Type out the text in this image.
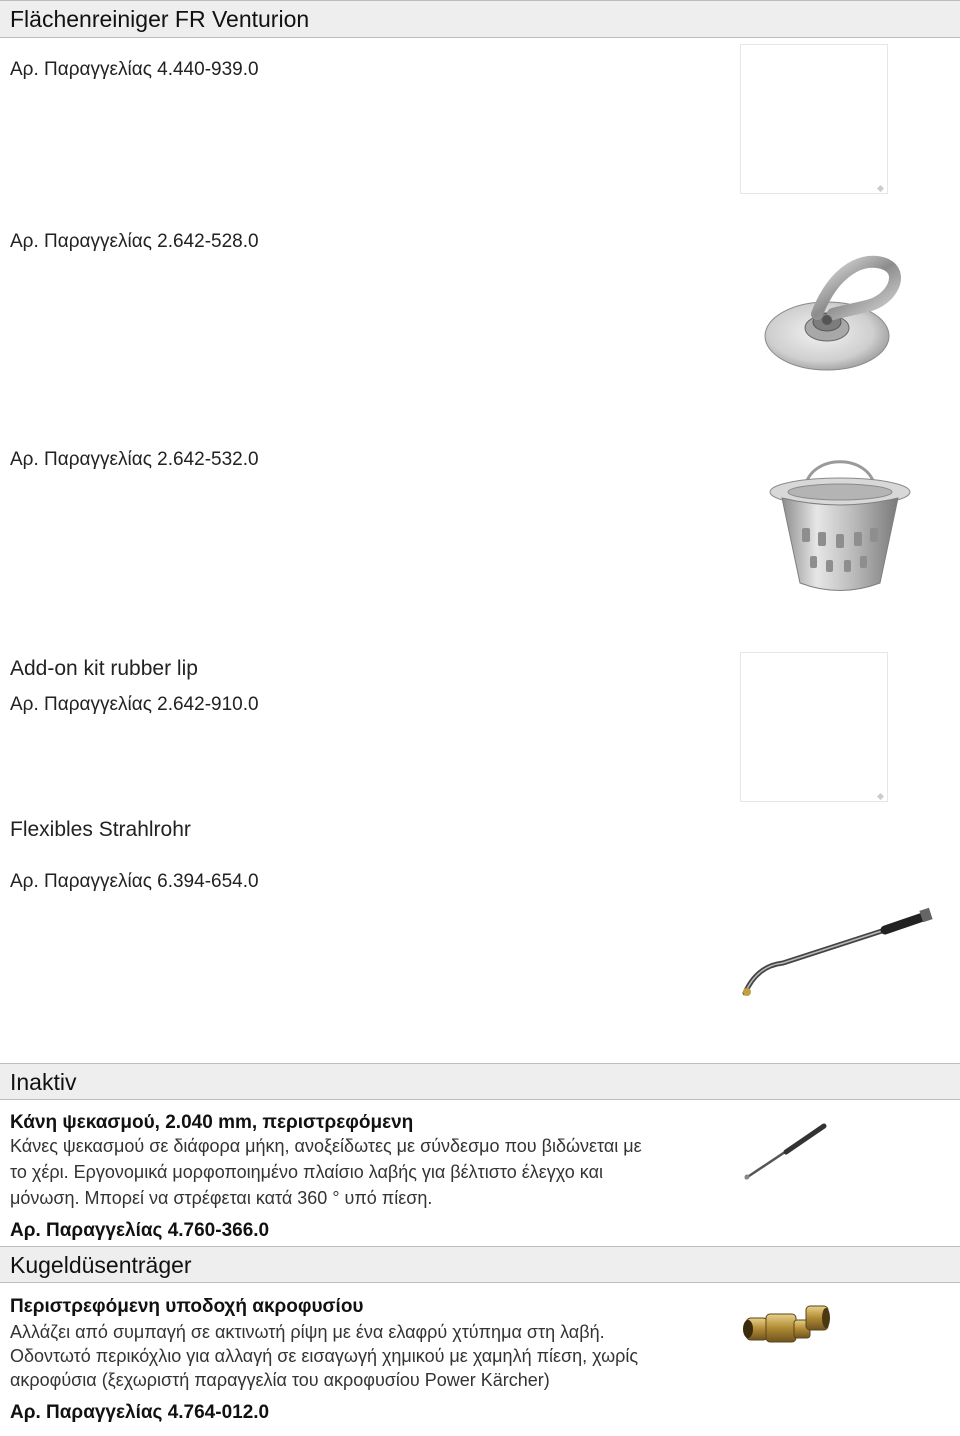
Flächenreiniger FR Venturion
Αρ. Παραγγελίας 4.440-939.0
Αρ. Παραγγελίας 2.642-528.0
Αρ. Παραγγελίας 2.642-532.0
Add-on kit rubber lip
Αρ. Παραγγελίας 2.642-910.0
Flexibles Strahlrohr
Αρ. Παραγγελίας 6.394-654.0
Inaktiv
Κάνη ψεκασμού, 2.040 mm, περιστρεφόμενη
Κάνες ψεκασμού σε διάφορα μήκη, ανοξείδωτες με σύνδεσμο που βιδώνεται με
το χέρι. Εργονομικά μορφοποιημένο πλαίσιο λαβής για βέλτιστο έλεγχο και
μόνωση. Μπορεί να στρέφεται κατά 360 ° υπό πίεση.
Αρ. Παραγγελίας 4.760-366.0
Kugeldüsenträger
Περιστρεφόμενη υποδοχή ακροφυσίου
Αλλάζει από συμπαγή σε ακτινωτή ρίψη με ένα ελαφρύ χτύπημα στη λαβή.
Οδοντωτό περικόχλιο για αλλαγή σε εισαγωγή χημικού με χαμηλή πίεση, χωρίς
ακροφύσια (ξεχωριστή παραγγελία του ακροφυσίου Power Kärcher)
Αρ. Παραγγελίας 4.764-012.0
